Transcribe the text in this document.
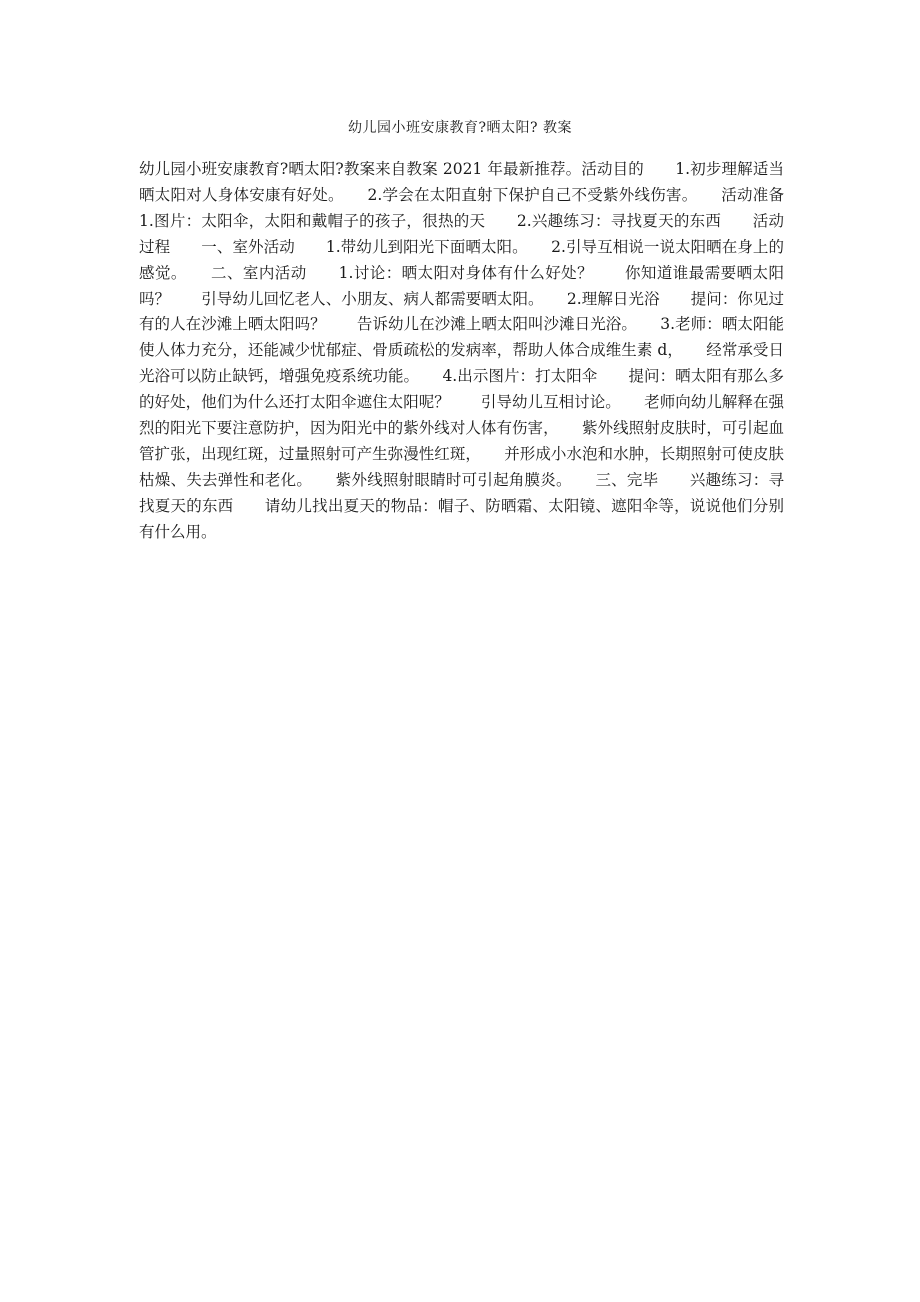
幼儿园小班安康教育?晒太阳? 教案
幼儿园小班安康教育?晒太阳?教案来自教案 2021 年最新推荐。活动目的　　1.初步理解适当晒太阳对人身体安康有好处。　　2.学会在太阳直射下保护自己不受紫外线伤害。　　活动准备　　1.图片：太阳伞，太阳和戴帽子的孩子，很热的天　　2.兴趣练习：寻找夏天的东西　　活动过程　　一、室外活动　　1.带幼儿到阳光下面晒太阳。　　2.引导互相说一说太阳晒在身上的感觉。　　二、室内活动　　1.讨论：晒太阳对身体有什么好处？　　你知道谁最需要晒太阳吗？　　引导幼儿回忆老人、小朋友、病人都需要晒太阳。　　2.理解日光浴　　提问：你见过有的人在沙滩上晒太阳吗？　　告诉幼儿在沙滩上晒太阳叫沙滩日光浴。　　3.老师：晒太阳能使人体力充分，还能减少忧郁症、骨质疏松的发病率，帮助人体合成维生素 d，　　经常承受日光浴可以防止缺钙，增强免疫系统功能。　　4.出示图片：打太阳伞　　提问：晒太阳有那么多的好处，他们为什么还打太阳伞遮住太阳呢？　　引导幼儿互相讨论。　　老师向幼儿解释在强烈的阳光下要注意防护，因为阳光中的紫外线对人体有伤害，　　紫外线照射皮肤时，可引起血管扩张，出现红斑，过量照射可产生弥漫性红斑，　　并形成小水泡和水肿，长期照射可使皮肤枯燥、失去弹性和老化。　　紫外线照射眼睛时可引起角膜炎。　　三、完毕　　兴趣练习：寻找夏天的东西　　请幼儿找出夏天的物品：帽子、防晒霜、太阳镜、遮阳伞等，说说他们分别有什么用。
